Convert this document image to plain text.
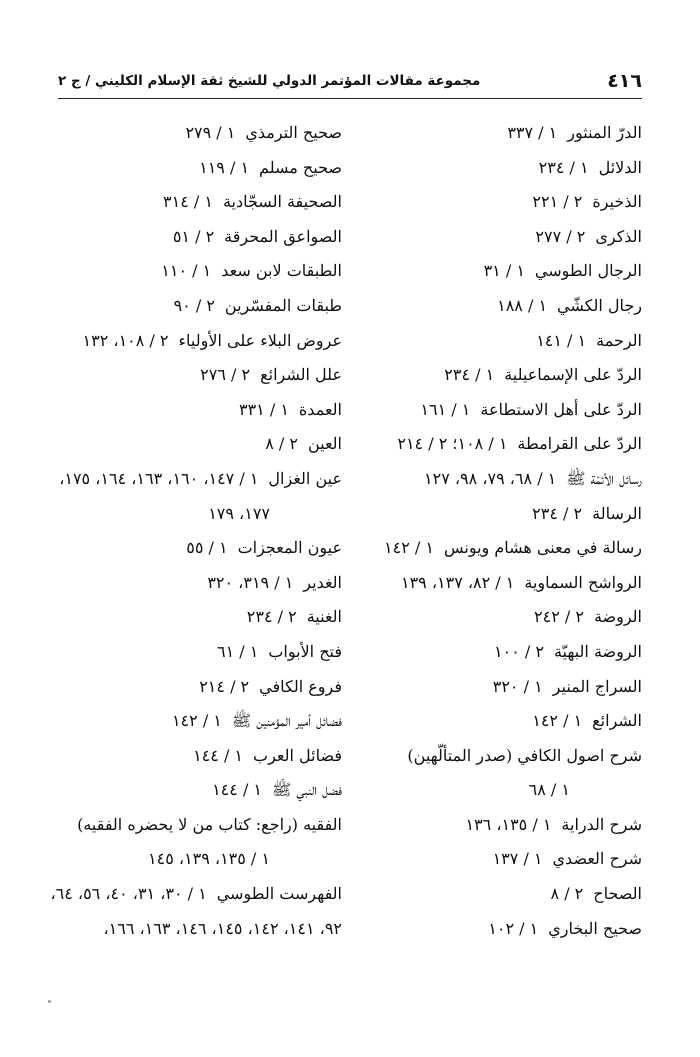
٤١٦
مجموعة مقالات المؤتمر الدولي للشيخ ثقة الإسلام الكليني / ج ٢
الدرّ المنثور١ / ٣٣٧
الدلائل١ / ٢٣٤
الذخيرة٢ / ٢٢١
الذكرى٢ / ٢٧٧
الرجال الطوسي١ / ٣١
رجال الكشّي١ / ١٨٨
الرحمة١ / ١٤١
الردّ على الإسماعيلية١ / ٢٣٤
الردّ على أهل الاستطاعة١ / ١٦١
الردّ على القرامطة١ / ١٠٨؛ ٢ / ٢١٤
رسائل الأئمّة ﷺ١ / ٦٨، ٧٩، ٩٨، ١٢٧
الرسالة٢ / ٢٣٤
رسالة في معنى هشام ويونس١ / ١٤٢
الرواشح السماوية١ / ٨٢، ١٣٧، ١٣٩
الروضة٢ / ٢٤٢
الروضة البهيّة٢ / ١٠٠
السراج المنير١ / ٣٢٠
الشرائع١ / ١٤٢
شرح اصول الكافي (صدر المتألّهين)
١ / ٦٨
شرح الدراية١ / ١٣٥، ١٣٦
شرح العضدي١ / ١٣٧
الصحاح٢ / ٨
صحيح البخاري١ / ١٠٢
صحيح الترمذي١ / ٢٧٩
صحيح مسلم١ / ١١٩
الصحيفة السجّادية١ / ٣١٤
الصواعق المحرقة٢ / ٥١
الطبقات لابن سعد١ / ١١٠
طبقات المفسّرين٢ / ٩٠
عروض البلاء على الأولياء٢ / ١٠٨، ١٣٢
علل الشرائع٢ / ٢٧٦
العمدة١ / ٣٣١
العين٢ / ٨
عين الغزال١ / ١٤٧، ١٦٠، ١٦٣، ١٦٤، ١٧٥،
١٧٧، ١٧٩
عيون المعجزات١ / ٥٥
الغدير١ / ٣١٩، ٣٢٠
الغنية٢ / ٢٣٤
فتح الأبواب١ / ٦١
فروع الكافي٢ / ٢١٤
فضائل أمير المؤمنين ﷺ١ / ١٤٢
فضائل العرب١ / ١٤٤
فضل النبي ﷺ١ / ١٤٤
الفقيه (راجع: كتاب من لا يحضره الفقيه)
١ / ١٣٥، ١٣٩، ١٤٥
الفهرست الطوسي١ / ٣٠، ٣١، ٤٠، ٥٦، ٦٤،
٩٢، ١٤١، ١٤٢، ١٤٥، ١٤٦، ١٦٣، ١٦٦،
